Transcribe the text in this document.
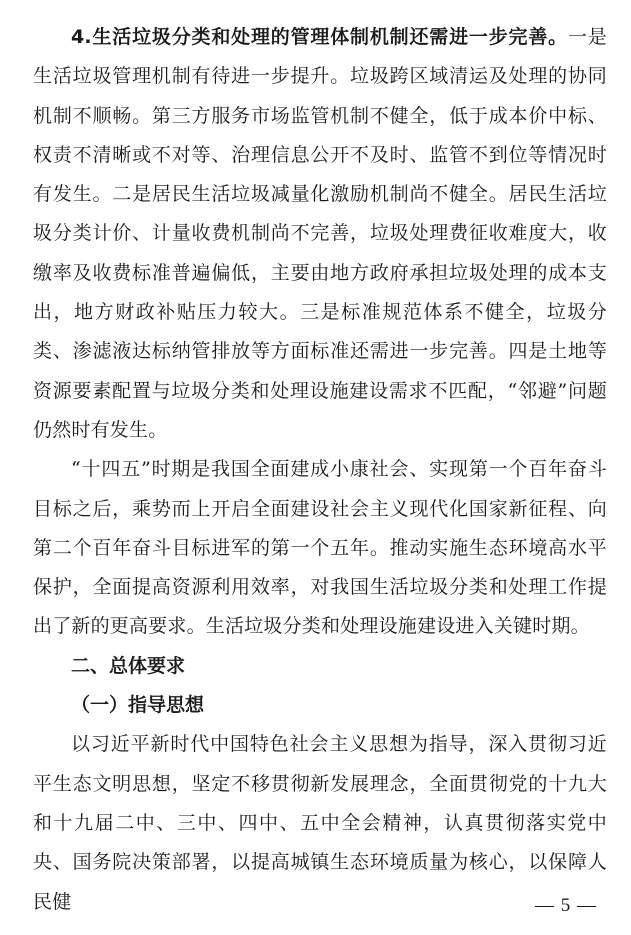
4.生活垃圾分类和处理的管理体制机制还需进一步完善。一是生活垃圾管理机制有待进一步提升。垃圾跨区域清运及处理的协同机制不顺畅。第三方服务市场监管机制不健全，低于成本价中标、权责不清晰或不对等、治理信息公开不及时、监管不到位等情况时有发生。二是居民生活垃圾减量化激励机制尚不健全。居民生活垃圾分类计价、计量收费机制尚不完善，垃圾处理费征收难度大，收缴率及收费标准普遍偏低，主要由地方政府承担垃圾处理的成本支出，地方财政补贴压力较大。三是标准规范体系不健全，垃圾分类、渗滤液达标纳管排放等方面标准还需进一步完善。四是土地等资源要素配置与垃圾分类和处理设施建设需求不匹配，“邻避”问题仍然时有发生。

“十四五”时期是我国全面建成小康社会、实现第一个百年奋斗目标之后，乘势而上开启全面建设社会主义现代化国家新征程、向第二个百年奋斗目标进军的第一个五年。推动实施生态环境高水平保护，全面提高资源利用效率，对我国生活垃圾分类和处理工作提出了新的更高要求。生活垃圾分类和处理设施建设进入关键时期。

二、总体要求

（一）指导思想

以习近平新时代中国特色社会主义思想为指导，深入贯彻习近平生态文明思想，坚定不移贯彻新发展理念，全面贯彻党的十九大和十九届二中、三中、四中、五中全会精神，认真贯彻落实党中央、国务院决策部署，以提高城镇生态环境质量为核心，以保障人民健	— 5 —
